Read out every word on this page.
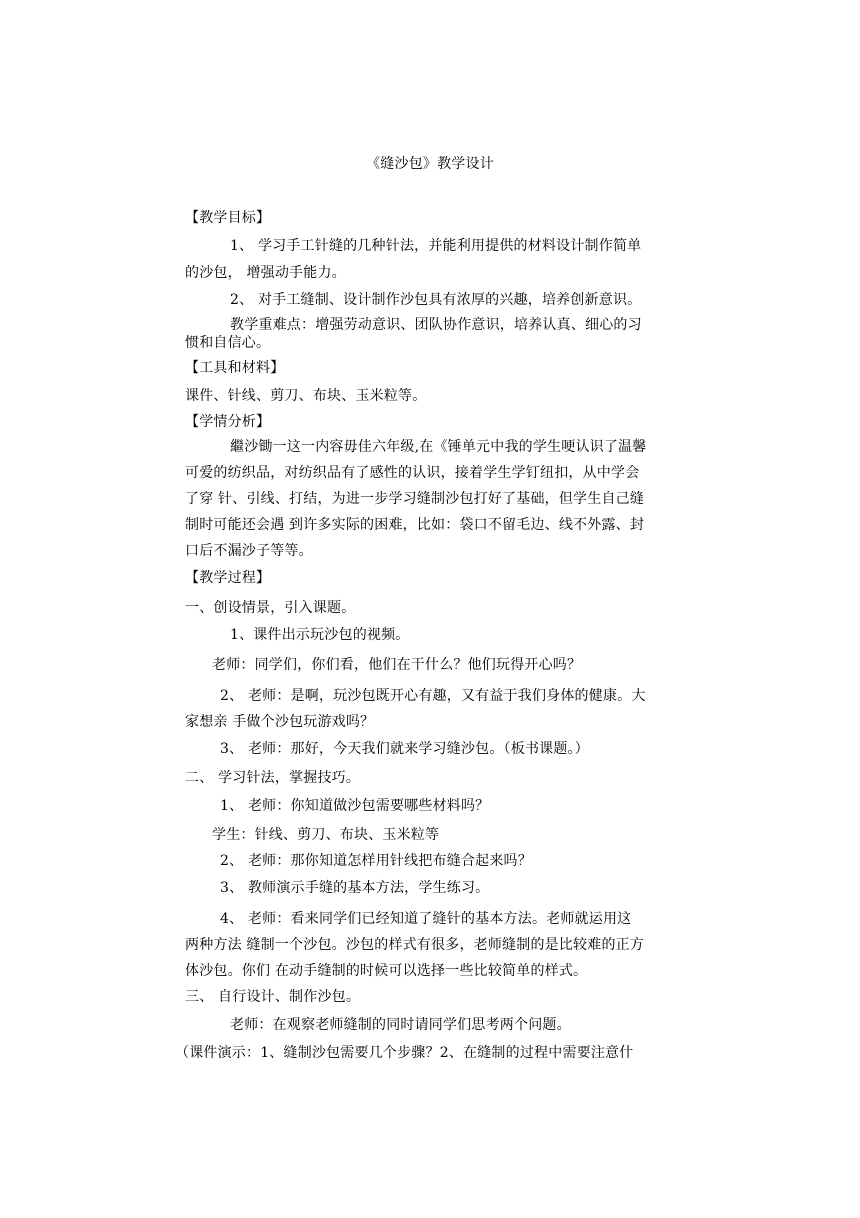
《缝沙包》教学设计
【教学目标】
1、 学习手工针缝的几种针法，并能利用提供的材料设计制作简单
的沙包， 增强动手能力。
2、 对手工缝制、设计制作沙包具有浓厚的兴趣，培养创新意识。
教学重难点：增强劳动意识、团队协作意识，培养认真、细心的习
惯和自信心。
【工具和材料】
课件、针线、剪刀、布块、玉米粒等。
【学情分析】
繼沙锄一这一内容毋佳六年级,在《锤单元中我的学生哽认识了温馨
可爱的纺织品，对纺织品有了感性的认识，接着学生学钉纽扣，从中学会
了穿 针、引线、打结，为进一步学习缝制沙包打好了基础，但学生自己缝
制时可能还会遇 到许多实际的困难，比如：袋口不留毛边、线不外露、封
口后不漏沙子等等。
【教学过程】
一、创设情景，引入课题。
1、课件出示玩沙包的视频。
老师：同学们，你们看，他们在干什么？他们玩得开心吗？
2、 老师：是啊，玩沙包既开心有趣，又有益于我们身体的健康。大
家想亲 手做个沙包玩游戏吗？
3、 老师：那好，今天我们就来学习缝沙包。（板书课题。）
二、 学习针法，掌握技巧。
1、 老师：你知道做沙包需要哪些材料吗？
学生：针线、剪刀、布块、玉米粒等
2、 老师：那你知道怎样用针线把布缝合起来吗？
3、 教师演示手缝的基本方法，学生练习。
4、 老师：看来同学们已经知道了缝针的基本方法。老师就运用这
两种方法 缝制一个沙包。沙包的样式有很多，老师缝制的是比较难的正方
体沙包。你们 在动手缝制的时候可以选择一些比较简单的样式。
三、 自行设计、制作沙包。
老师：在观察老师缝制的同时请同学们思考两个问题。
（课件演示：1、缝制沙包需要几个步骤？2、在缝制的过程中需要注意什
